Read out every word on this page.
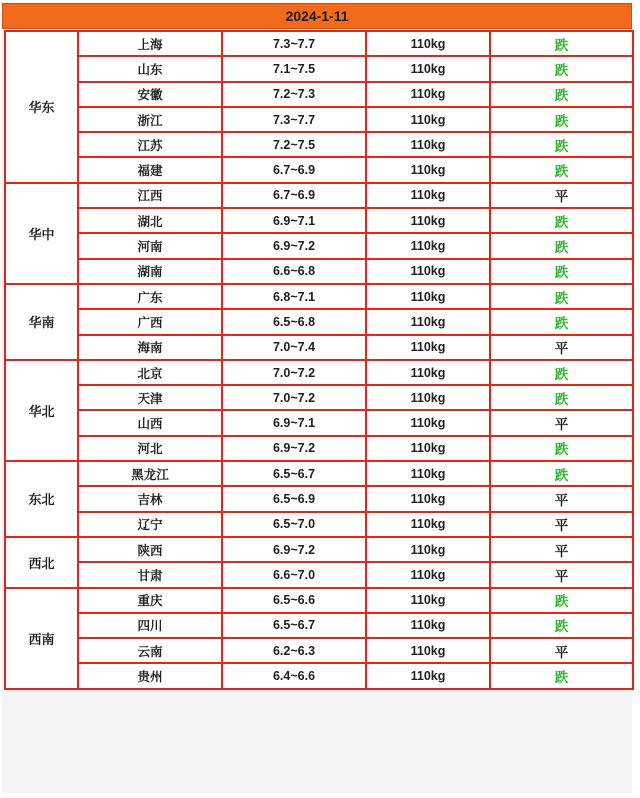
2024-1-11
华东	上海	7.3~7.7	110kg	跌
	山东	7.1~7.5	110kg	跌
	安徽	7.2~7.3	110kg	跌
	浙江	7.3~7.7	110kg	跌
	江苏	7.2~7.5	110kg	跌
	福建	6.7~6.9	110kg	跌
华中	江西	6.7~6.9	110kg	平
	湖北	6.9~7.1	110kg	跌
	河南	6.9~7.2	110kg	跌
	湖南	6.6~6.8	110kg	跌
华南	广东	6.8~7.1	110kg	跌
	广西	6.5~6.8	110kg	跌
	海南	7.0~7.4	110kg	平
华北	北京	7.0~7.2	110kg	跌
	天津	7.0~7.2	110kg	跌
	山西	6.9~7.1	110kg	平
	河北	6.9~7.2	110kg	跌
东北	黑龙江	6.5~6.7	110kg	跌
	吉林	6.5~6.9	110kg	平
	辽宁	6.5~7.0	110kg	平
西北	陕西	6.9~7.2	110kg	平
	甘肃	6.6~7.0	110kg	平
西南	重庆	6.5~6.6	110kg	跌
	四川	6.5~6.7	110kg	跌
	云南	6.2~6.3	110kg	平
	贵州	6.4~6.6	110kg	跌
